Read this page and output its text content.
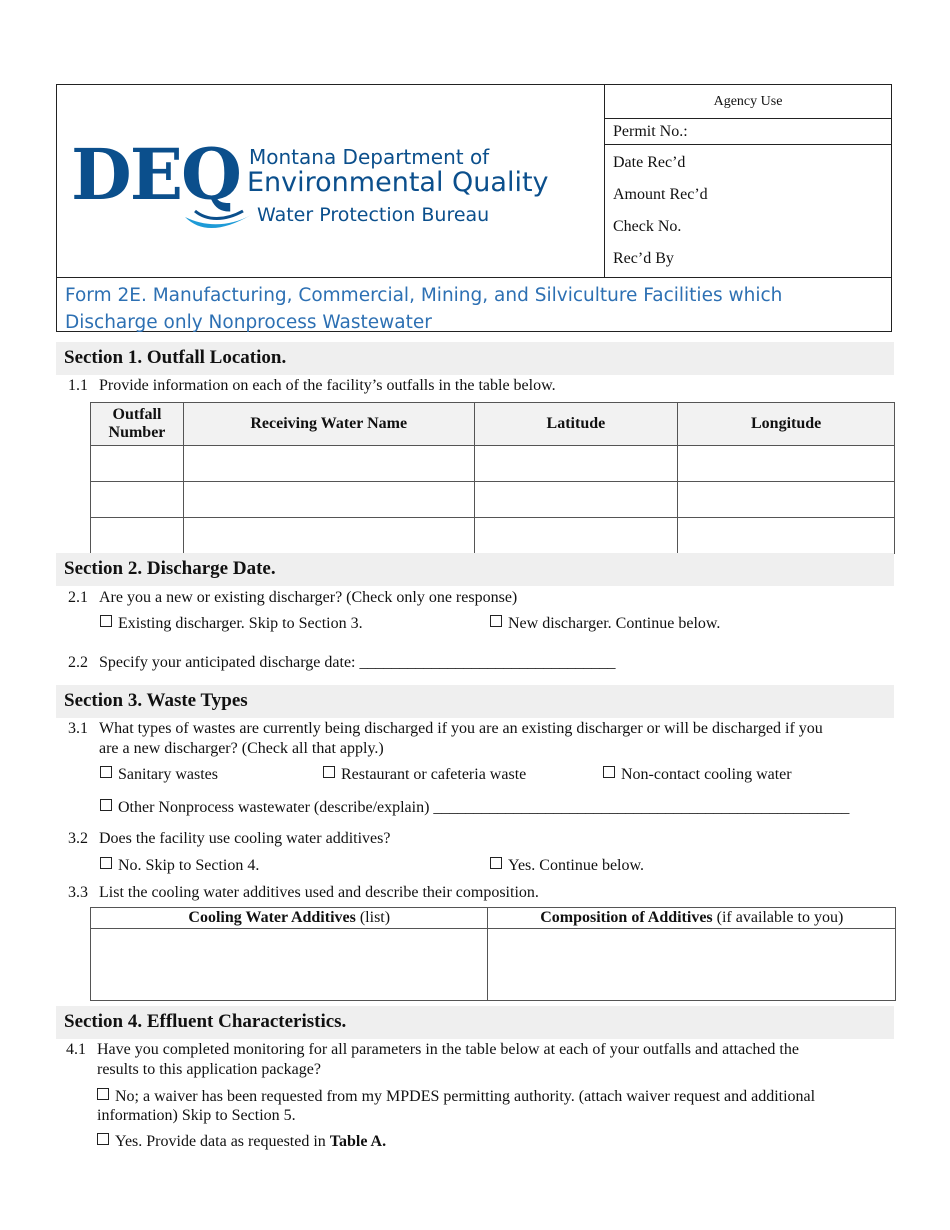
DEQ Montana Department of
Environmental Quality
Water Protection Bureau
Agency Use
Permit No.:
Date Rec’d
Amount Rec’d
Check No.
Rec’d By
Form 2E. Manufacturing, Commercial, Mining, and Silviculture Facilities which
Discharge only Nonprocess Wastewater
Section 1. Outfall Location.
1.1 Provide information on each of the facility’s outfalls in the table below.
Outfall Number	Receiving Water Name	Latitude	Longitude

Section 2. Discharge Date.
2.1 Are you a new or existing discharger? (Check only one response)
Existing discharger. Skip to Section 3.	New discharger. Continue below.
2.2 Specify your anticipated discharge date: ________________________________
Section 3. Waste Types
3.1 What types of wastes are currently being discharged if you are an existing discharger or will be discharged if you
are a new discharger? (Check all that apply.)
Sanitary wastes	Restaurant or cafeteria waste	Non-contact cooling water
Other Nonprocess wastewater (describe/explain) ____________________________________________________
3.2 Does the facility use cooling water additives?
No. Skip to Section 4.	Yes. Continue below.
3.3 List the cooling water additives used and describe their composition.
Cooling Water Additives (list)	Composition of Additives (if available to you)

Section 4. Effluent Characteristics.
4.1 Have you completed monitoring for all parameters in the table below at each of your outfalls and attached the
results to this application package?
No; a waiver has been requested from my MPDES permitting authority. (attach waiver request and additional
information) Skip to Section 5.
Yes. Provide data as requested in Table A.
